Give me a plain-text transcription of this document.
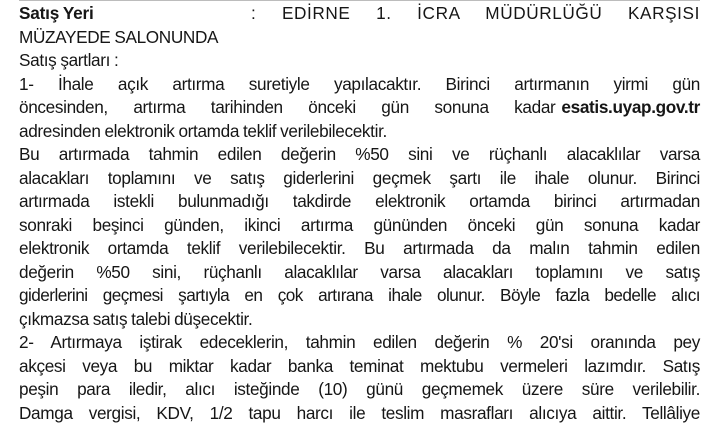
Satış Yeri	: EDİRNE 1. İCRA MÜDÜRLÜĞÜ KARŞISI
MÜZAYEDE SALONUNDA
Satış şartları :
1- İhale açık artırma suretiyle yapılacaktır. Birinci artırmanın yirmi gün
öncesinden, artırma tarihinden önceki gün sonuna kadar esatis.uyap.gov.tr
adresinden elektronik ortamda teklif verilebilecektir.
Bu artırmada tahmin edilen değerin %50 sini ve rüçhanlı alacaklılar varsa
alacakları toplamını ve satış giderlerini geçmek şartı ile ihale olunur. Birinci
artırmada istekli bulunmadığı takdirde elektronik ortamda birinci artırmadan
sonraki beşinci günden, ikinci artırma gününden önceki gün sonuna kadar
elektronik ortamda teklif verilebilecektir. Bu artırmada da malın tahmin edilen
değerin %50 sini, rüçhanlı alacaklılar varsa alacakları toplamını ve satış
giderlerini geçmesi şartıyla en çok artırana ihale olunur. Böyle fazla bedelle alıcı
çıkmazsa satış talebi düşecektir.
2- Artırmaya iştirak edeceklerin, tahmin edilen değerin % 20'si oranında pey
akçesi veya bu miktar kadar banka teminat mektubu vermeleri lazımdır. Satış
peşin para iledir, alıcı isteğinde (10) günü geçmemek üzere süre verilebilir.
Damga vergisi, KDV, 1/2 tapu harcı ile teslim masrafları alıcıya aittir. Tellâliye
